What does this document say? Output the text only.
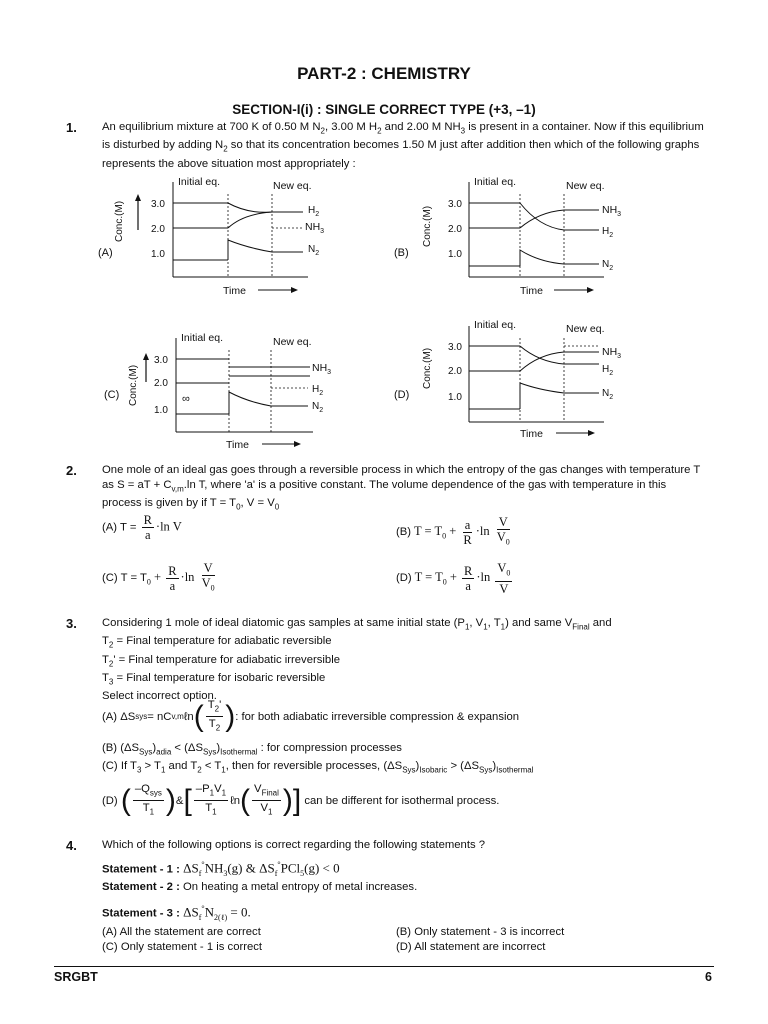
PART-2 : CHEMISTRY
SECTION-I(i) : SINGLE CORRECT TYPE (+3, –1)
1. An equilibrium mixture at 700 K of 0.50 M $N_2$, 3.00 M $H_2$ and 2.00 M $NH_3$ is present in a container. Now if this equilibrium is disturbed by adding $N_2$ so that its concentration becomes 1.50 M just after addition then which of the following graphs represents the above situation most appropriately :
Initial eq.	New eq.
(A)
Conc.(M)	3.0
2.0
1.0
$H_2$
$NH_3$
$N_2$
Time
Initial eq.	New eq.
(B)
Conc.(M)
3.0
2.0
1.0
$NH_3$
$H_2$
$N_2$
Time
Initial eq.	New eq.
(C) Conc.(M)
3.0
2.0
1.0
∞
$NH_3$
$H_2$
$N_2$
Time
Initial eq.	New eq.
(D)
Conc.(M)
3.0
2.0
1.0
$NH_3$
$H_2$
$N_2$
Time
2. One mole of an ideal gas goes through a reversible process in which the entropy of the gas changes with temperature T as S = aT + $C_{v,m}.\ln$ T, where 'a' is a positive constant. The volume dependence of the gas with temperature in this process is given by if $T = T_0$, $V = V_0$
(A) $T = \frac{R}{a} \cdot\ln$ V	(B) $T = T_0 + \frac{a}{R} \cdot\ln \frac{V}{V_0}$
(C) $T = T_0 + \frac{R}{a} \cdot\ln \frac{V}{V_0}$	(D) $T = T_0 + \frac{R}{a} \cdot\ln \frac{V_0}{V}$
3. Considering 1 mole of ideal diatomic gas samples at same initial state ($P_1$, $V_1$, $T_1$) and same $V_{Final}$ and
$T_2$ = Final temperature for adiabatic reversible
$T_2'$ = Final temperature for adiabatic irreversible
$T_3$ = Final temperature for isobaric reversible
Select incorrect option.
(A) ΔS sys = nC v,m ℓn ( $\frac{T_2'}{T_2}$ ) : for both adiabatic irreversible compression & expansion
(B) $(\Delta S_{Sys})_{adia} < (\Delta S_{Sys})_{Isothermal}$ : for compression processes
(C) If $T_3 > T_1$ and $T_2 < T_1$, then for reversible processes, $(\Delta S_{Sys})_{Isobaric} > (\Delta S_{Sys})_{Isothermal}$
(D)
( $\frac{-Q_{sys}}{T_1}$ ) & [ $\frac{-P_1V_1}{T_1}$ ℓn ( $\frac{V_{Final}}{V_1}$ )]
can be different for isothermal process.
4. Which of the following options is correct regarding the following statements ?
Statement - 1 : $\Delta S_f^\circ NH_3(g)$ & $\Delta S_f^\circ PCl_5(g) < 0$
Statement - 2 : On heating a metal entropy of metal increases.
Statement - 3 : $\Delta S_f^\circ N_{2(\ell)} = 0$.
(A) All the statement are correct	(B) Only statement - 3 is incorrect
(C) Only statement - 1 is correct	(D) All statement are incorrect
SRGBT	6
